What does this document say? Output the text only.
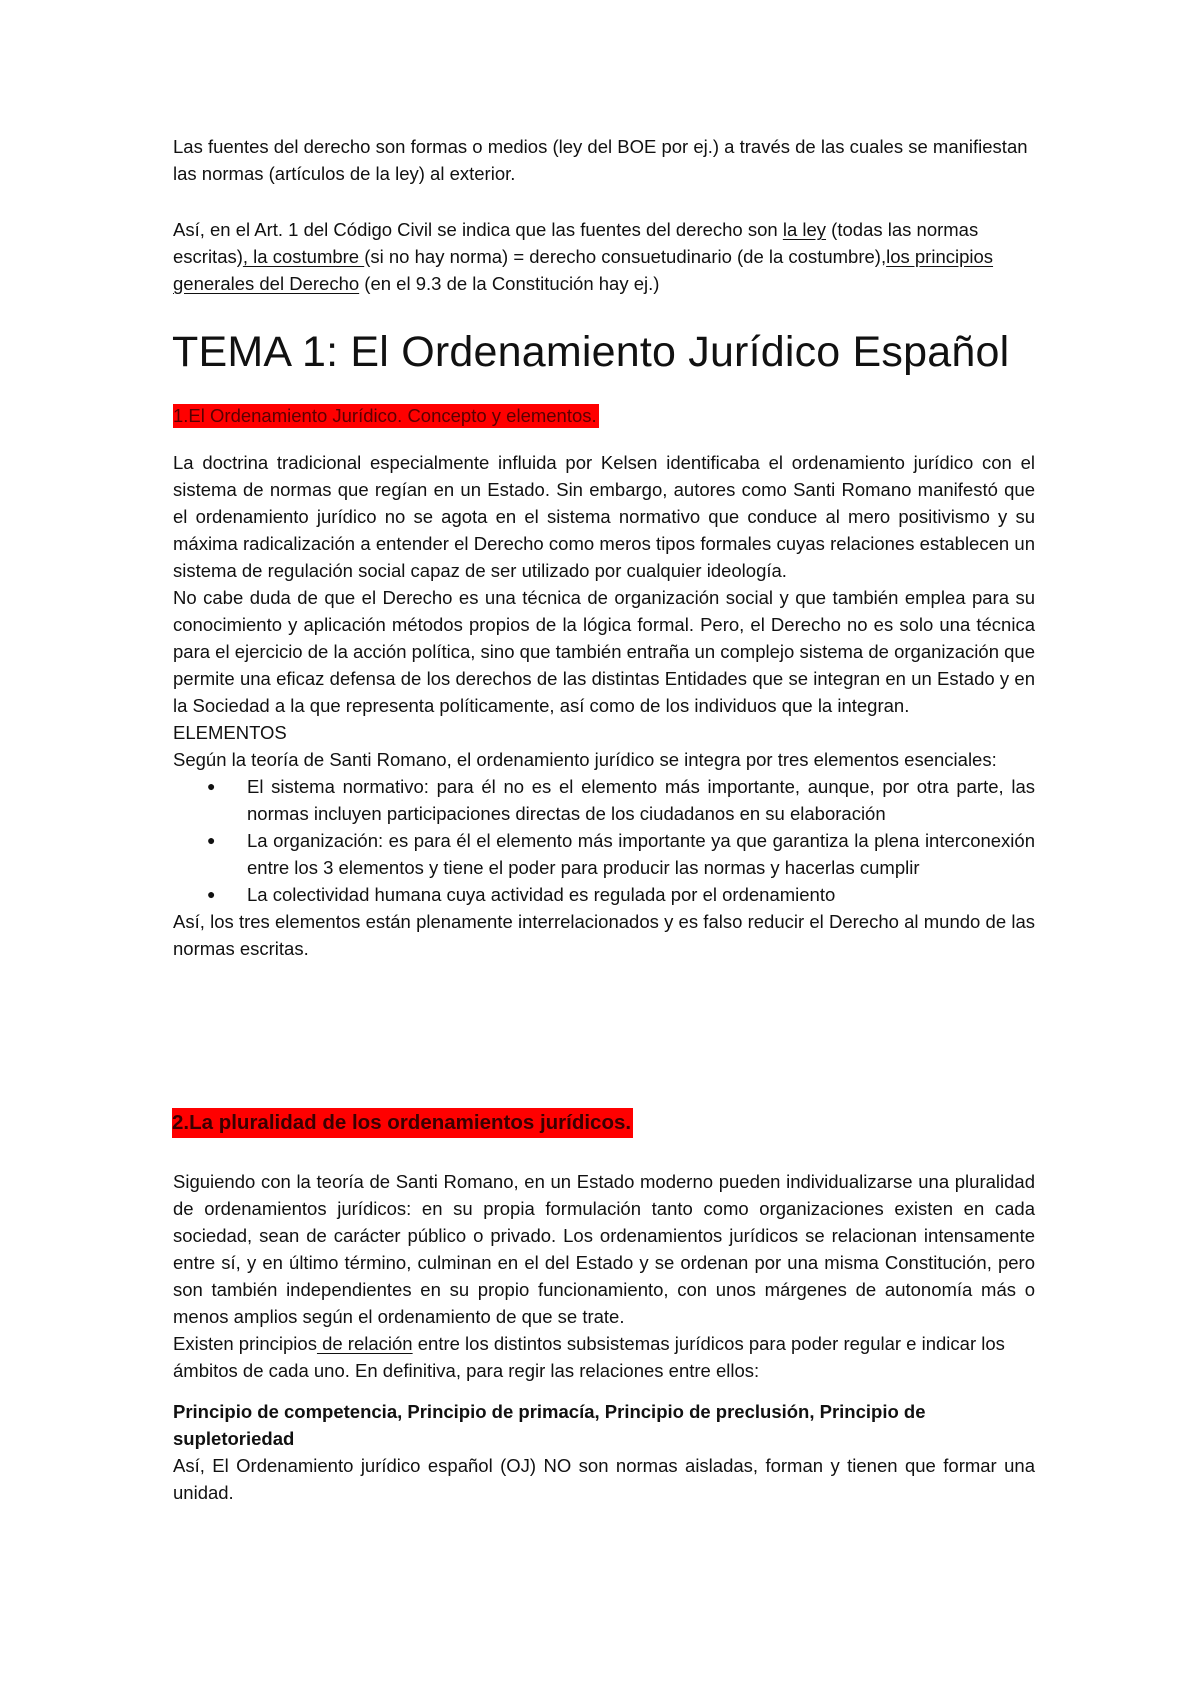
Las fuentes del derecho son formas o medios (ley del BOE por ej.) a través de las cuales se manifiestan las normas (artículos de la ley) al exterior.

Así, en el Art. 1 del Código Civil se indica que las fuentes del derecho son la ley (todas las normas escritas), la costumbre (si no hay norma) = derecho consuetudinario (de la costumbre),los principios generales del Derecho (en el 9.3 de la Constitución hay ej.)

TEMA 1: El Ordenamiento Jurídico Español
1.El Ordenamiento Jurídico. Concepto y elementos.

La doctrina tradicional especialmente influida por Kelsen identificaba el ordenamiento jurídico con el sistema de normas que regían en un Estado. Sin embargo, autores como Santi Romano manifestó que el ordenamiento jurídico no se agota en el sistema normativo que conduce al mero positivismo y su máxima radicalización a entender el Derecho como meros tipos formales cuyas relaciones establecen un sistema de regulación social capaz de ser utilizado por cualquier ideología.

No cabe duda de que el Derecho es una técnica de organización social y que también emplea para su conocimiento y aplicación métodos propios de la lógica formal. Pero, el Derecho no es solo una técnica para el ejercicio de la acción política, sino que también entraña un complejo sistema de organización que permite una eficaz defensa de los derechos de las distintas Entidades que se integran en un Estado y en la Sociedad a la que representa políticamente, así como de los individuos que la integran.

ELEMENTOS

Según la teoría de Santi Romano, el ordenamiento jurídico se integra por tres elementos esenciales:

● El sistema normativo: para él no es el elemento más importante, aunque, por otra parte, las normas incluyen participaciones directas de los ciudadanos en su elaboración
● La organización: es para él el elemento más importante ya que garantiza la plena interconexión entre los 3 elementos y tiene el poder para producir las normas y hacerlas cumplir
● La colectividad humana cuya actividad es regulada por el ordenamiento

Así, los tres elementos están plenamente interrelacionados y es falso reducir el Derecho al mundo de las normas escritas.

2.La pluralidad de los ordenamientos jurídicos.

Siguiendo con la teoría de Santi Romano, en un Estado moderno pueden individualizarse una pluralidad de ordenamientos jurídicos: en su propia formulación tanto como organizaciones existen en cada sociedad, sean de carácter público o privado. Los ordenamientos jurídicos se relacionan intensamente entre sí, y en último término, culminan en el del Estado y se ordenan por una misma Constitución, pero son también independientes en su propio funcionamiento, con unos márgenes de autonomía más o menos amplios según el ordenamiento de que se trate.

Existen principios de relación entre los distintos subsistemas jurídicos para poder regular e indicar los ámbitos de cada uno. En definitiva, para regir las relaciones entre ellos:

Principio de competencia, Principio de primacía, Principio de preclusión, Principio de supletoriedad

Así, El Ordenamiento jurídico español (OJ) NO son normas aisladas, forman y tienen que formar una unidad.
